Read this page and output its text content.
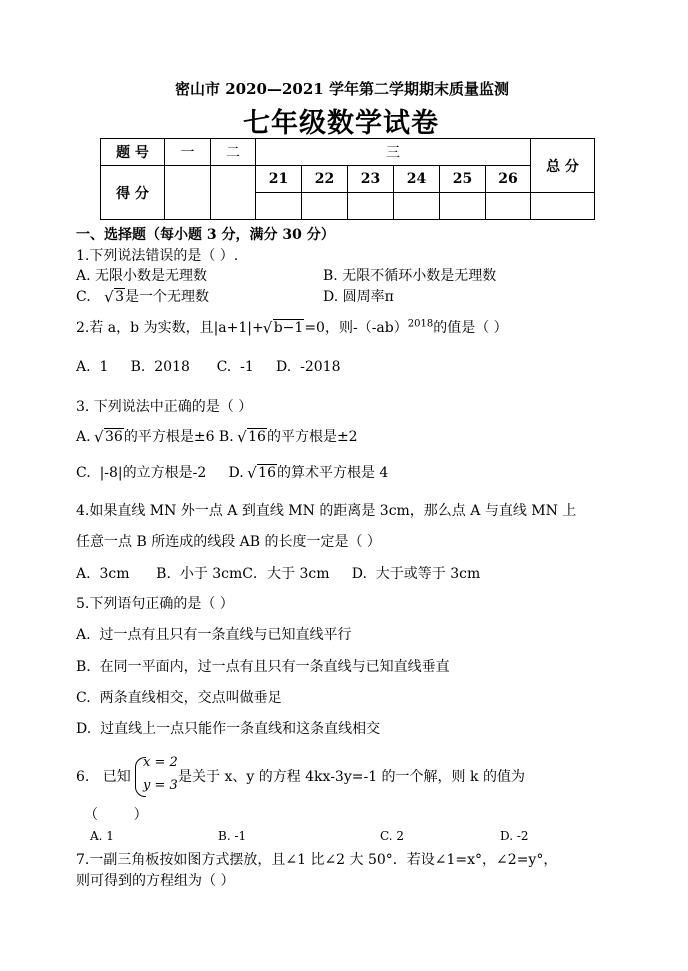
密山市 2020—2021 学年第二学期期末质量监测
七年级数学试卷
题 号	一	二	三						总 分
得 分			21	22	23	24	25	26	

一、选择题（每小题 3 分，满分 30 分）
1.下列说法错误的是（ ）.
A. 无限小数是无理数	B. 无限不循环小数是无理数
C. √ 3是一个无理数	D. 圆周率π
2.若 a，b 为实数，且|a+1|+ √ b−1=0，则$-(-ab)^{2018}$的值是（ ）
A.  1     B.  2018      C.  -1     D.  -2018
3. 下列说法中正确的是（ ）
A. √ 36的平方根是±6 B. √ 16的平方根是±2
C.  |-8|的立方根是-2     D. √ 16的算术平方根是 4
4.如果直线 MN 外一点 A 到直线 MN 的距离是 3cm，那么点 A 与直线 MN 上
任意一点 B 所连成的线段 AB 的长度一定是（ ）
A.  3cm      B.  小于 3cmC．大于 3cm     D.  大于或等于 3cm
5.下列语句正确的是（ ）
A.  过一点有且只有一条直线与已知直线平行
B.  在同一平面内，过一点有且只有一条直线与已知直线垂直
C.  两条直线相交，交点叫做垂足
D.  过直线上一点只能作一条直线和这条直线相交
6.   已知
x = 2
y = 3
是关于 x、y 的方程 4kx-3y=-1 的一个解，则 k 的值为
（        ）
A. 1	B. -1	C. 2	D. -2
7.一副三角板按如图方式摆放，且∠1 比∠2 大 50°．若设∠1=x°，∠2=y°，
则可得到的方程组为（ ）
